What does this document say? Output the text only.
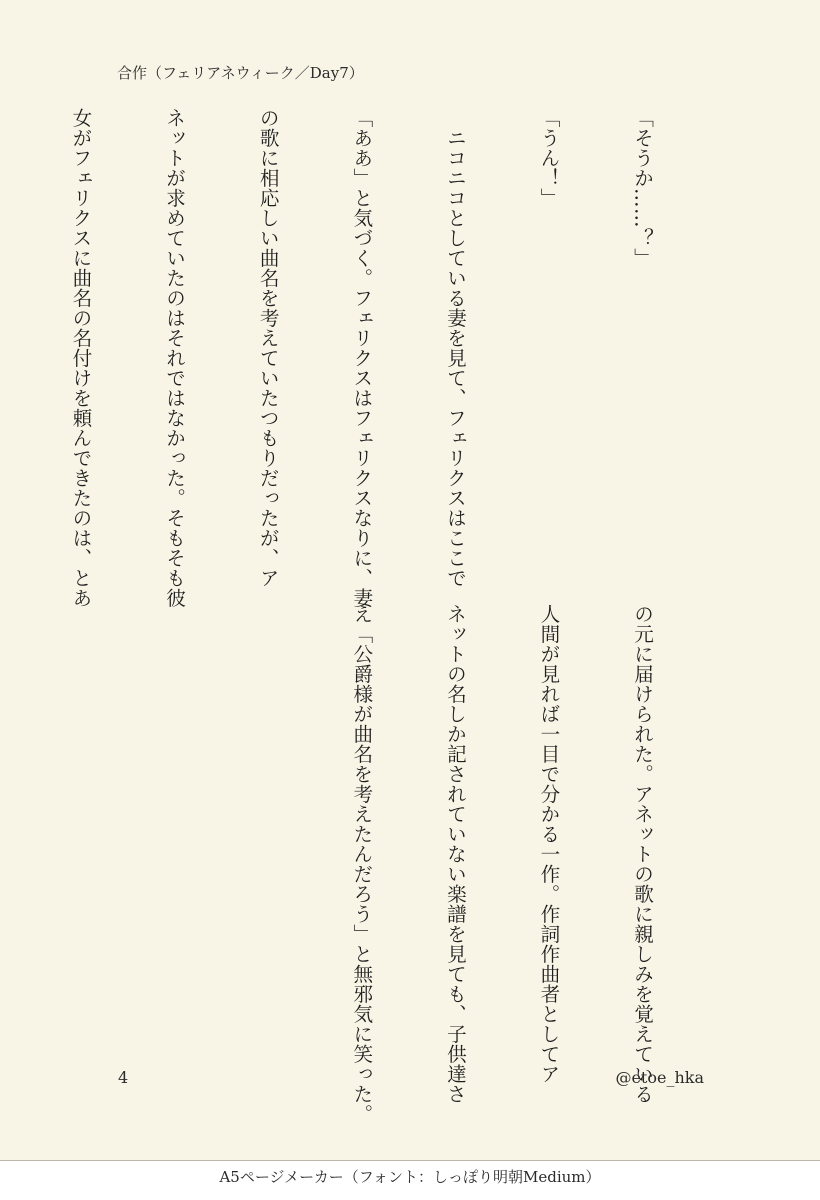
合作（フェリアネウィーク／Day7）

「そうか……？」

「うん！」

　ニコニコとしている妻を見て、フェリクスはここで

「ああ」と気づく。フェリクスはフェリクスなりに、妻

の歌に相応しい曲名を考えていたつもりだったが、ア

ネットが求めていたのはそれではなかった。そもそも彼

女がフェリクスに曲名の名付けを頼んできたのは、とあ

の元に届けられた。アネットの歌に親しみを覚えている

人間が見れば一目で分かる一作。作詞作曲者としてア

ネットの名しか記されていない楽譜を見ても、子供達さ

え「公爵様が曲名を考えたんだろう」と無邪気に笑った。

4	@etoe_hka
A5ページメーカー（フォント：しっぽり明朝Medium）
